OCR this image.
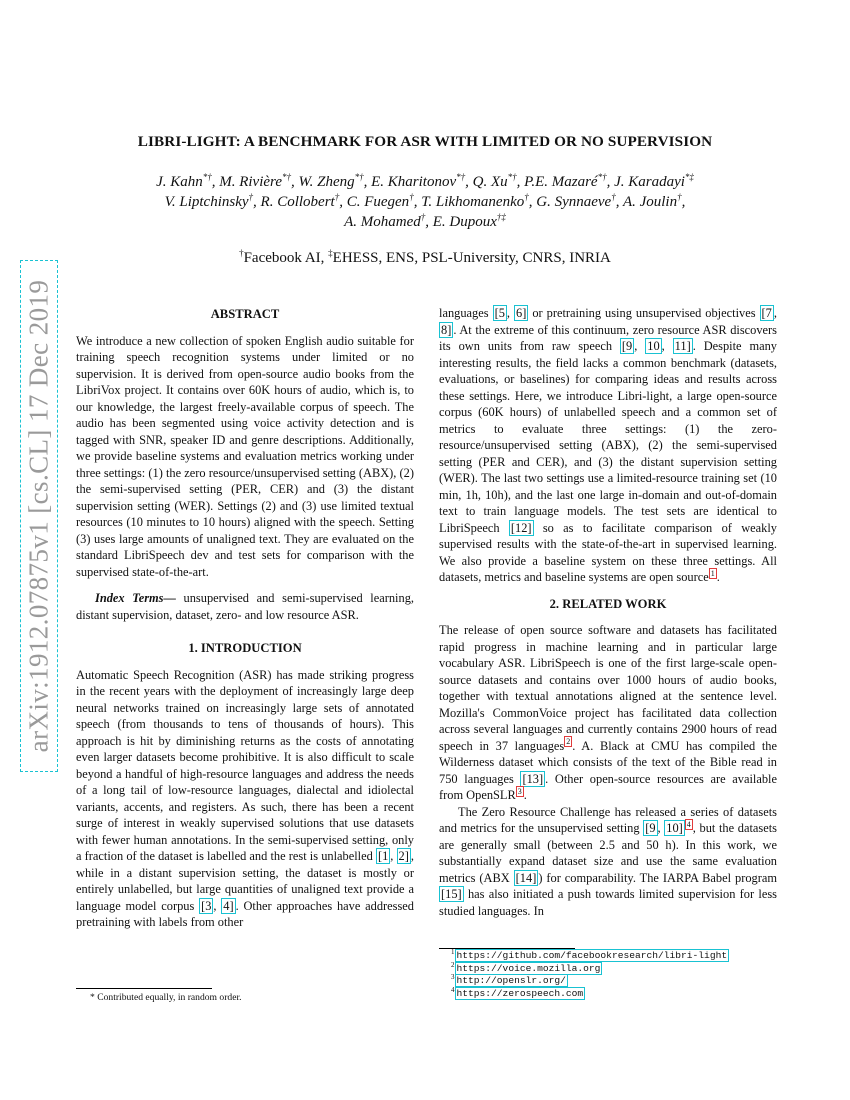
LIBRI-LIGHT: A BENCHMARK FOR ASR WITH LIMITED OR NO SUPERVISION
J. Kahn*†, M. Rivière*†, W. Zheng*†, E. Kharitonov*†, Q. Xu*†, P.E. Mazaré*†, J. Karadayi*‡
V. Liptchinsky†, R. Collobert†, C. Fuegen†, T. Likhomanenko†, G. Synnaeve†, A. Joulin†,
A. Mohamed†, E. Dupoux†‡
†Facebook AI, ‡EHESS, ENS, PSL-University, CNRS, INRIA
arXiv:1912.07875v1 [cs.CL] 17 Dec 2019	ABSTRACT

We introduce a new collection of spoken English audio suitable for training speech recognition systems under limited or no supervision. It is derived from open-source audio books from the LibriVox project. It contains over 60K hours of audio, which is, to our knowledge, the largest freely-available corpus of speech. The audio has been segmented using voice activity detection and is tagged with SNR, speaker ID and genre descriptions. Additionally, we provide baseline systems and evaluation metrics working under three settings: (1) the zero resource/unsupervised setting (ABX), (2) the semi-supervised setting (PER, CER) and (3) the distant supervision setting (WER). Settings (2) and (3) use limited textual resources (10 minutes to 10 hours) aligned with the speech. Setting (3) uses large amounts of unaligned text. They are evaluated on the standard LibriSpeech dev and test sets for comparison with the supervised state-of-the-art.

Index Terms— unsupervised and semi-supervised learning, distant supervision, dataset, zero- and low resource ASR.

1. INTRODUCTION

Automatic Speech Recognition (ASR) has made striking progress in the recent years with the deployment of increasingly large deep neural networks trained on increasingly large sets of annotated speech (from thousands to tens of thousands of hours). This approach is hit by diminishing returns as the costs of annotating even larger datasets become prohibitive. It is also difficult to scale beyond a handful of high-resource languages and address the needs of a long tail of low-resource languages, dialectal and idiolectal variants, accents, and registers. As such, there has been a recent surge of interest in weakly supervised solutions that use datasets with fewer human annotations. In the semi-supervised setting, only a fraction of the dataset is labelled and the rest is unlabelled [1 , 2] , while in a distant supervision setting, the dataset is mostly or entirely unlabelled, but large quantities of unaligned text provide a language model corpus [3 , 4] . Other approaches have addressed pretraining with labels from other

languages [5 , 6] or pretraining using unsupervised objectives [7 , 8] . At the extreme of this continuum, zero resource ASR discovers its own units from raw speech [9 , 10 , 11] . Despite many interesting results, the field lacks a common benchmark (datasets, evaluations, or baselines) for comparing ideas and results across these settings. Here, we introduce Libri-light, a large open-source corpus (60K hours) of unlabelled speech and a common set of metrics to evaluate three settings: (1) the zero-resource/unsupervised setting (ABX), (2) the semi-supervised setting (PER and CER), and (3) the distant supervision setting (WER). The last two settings use a limited-resource training set (10 min, 1h, 10h), and the last one large in-domain and out-of-domain text to train language models. The test sets are identical to LibriSpeech [12] so as to facilitate comparison of weakly supervised results with the state-of-the-art in supervised learning. We also provide a baseline system on these three settings. All datasets, metrics and baseline systems are open source $^1$ .

2. RELATED WORK

The release of open source software and datasets has facilitated rapid progress in machine learning and in particular large vocabulary ASR. LibriSpeech is one of the first large-scale open-source datasets and contains over 1000 hours of audio books, together with textual annotations aligned at the sentence level. Mozilla's CommonVoice project has facilitated data collection across several languages and currently contains 2900 hours of read speech in 37 languages $^2$ . A. Black at CMU has compiled the Wilderness dataset which consists of the text of the Bible read in 750 languages [13] . Other open-source resources are available from OpenSLR $^3$ .

The Zero Resource Challenge has released a series of datasets and metrics for the unsupervised setting [9 , 10] $^4$ , but the datasets are generally small (between 2.5 and 50 h). In this work, we substantially expand dataset size and use the same evaluation metrics (ABX [14] ) for comparability. The IARPA Babel program [15] has also initiated a push towards limited supervision for less studied languages. In

* Contributed equally, in random order.
$^1$ https://github.com/facebookresearch/libri-light
$^2$ https://voice.mozilla.org
$^3$ http://openslr.org/
$^4$ https://zerospeech.com
